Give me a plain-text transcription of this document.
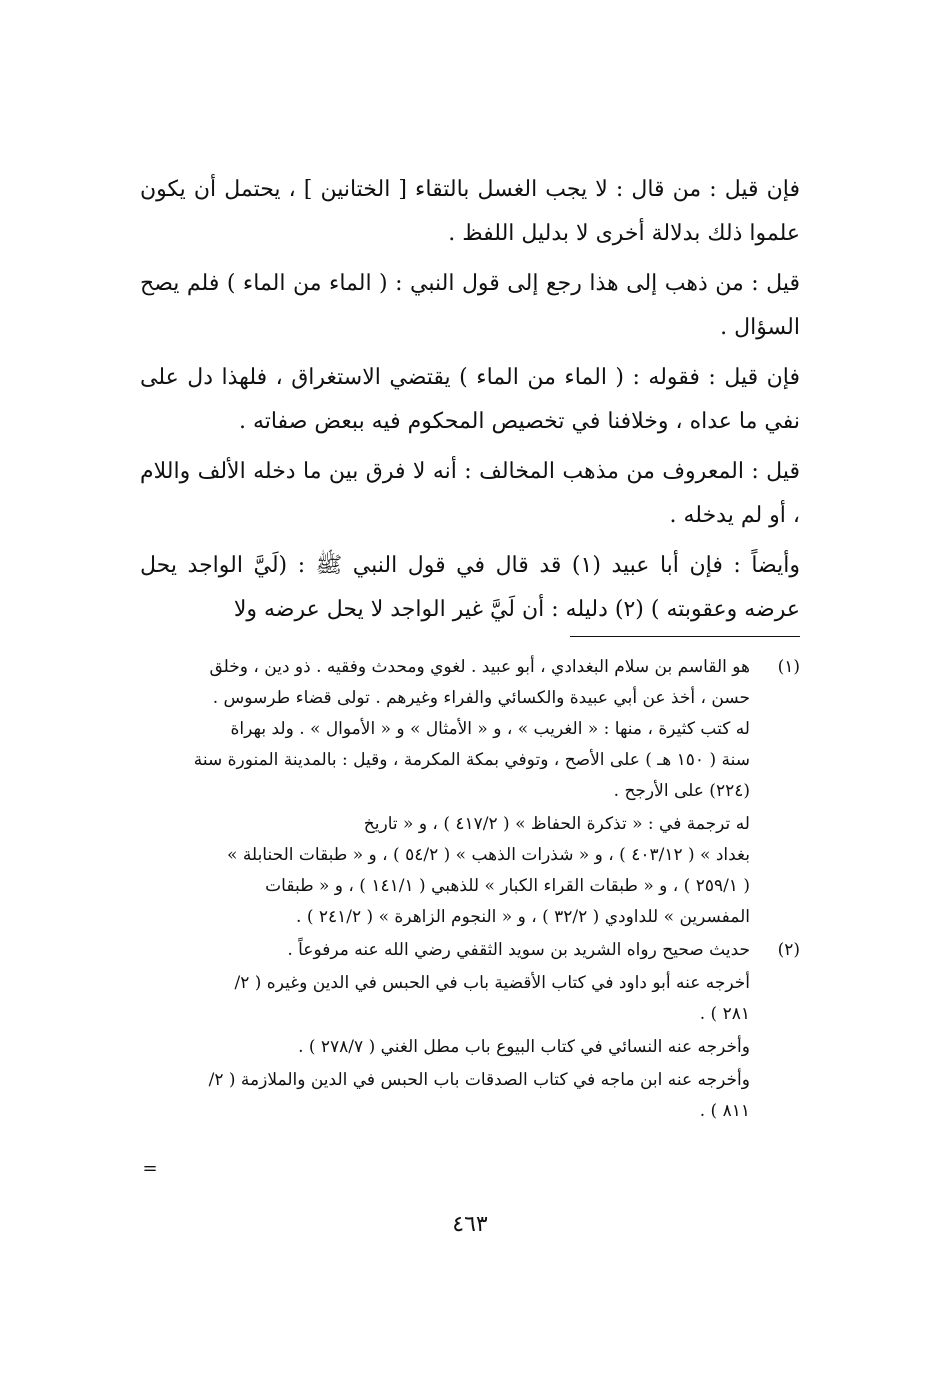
فإن قيل : من قال : لا يجب الغسل بالتقاء [ الختانين ] ، يحتمل أن يكون علموا ذلك بدلالة أخرى لا بدليل اللفظ .

قيل : من ذهب إلى هذا رجع إلى قول النبي : ( الماء من الماء ) فلم يصح السؤال .

فإن قيل : فقوله : ( الماء من الماء ) يقتضي الاستغراق ، فلهذا دل على نفي ما عداه ، وخلافنا في تخصيص المحكوم فيه ببعض صفاته .

قيل : المعروف من مذهب المخالف : أنه لا فرق بين ما دخله الألف واللام ، أو لم يدخله .

وأيضاً : فإن أبا عبيد (١) قد قال في قول النبي ﷺ : (لَيَّ الواجد يحل عرضه وعقوبته ) (٢) دليله : أن لَيَّ غير الواجد لا يحل عرضه ولا

(١)
هو القاسم بن سلام البغدادي ، أبو عبيد . لغوي ومحدث وفقيه . ذو دين ، وخلق
حسن ، أخذ عن أبي عبيدة والكسائي والفراء وغيرهم . تولى قضاء طرسوس .
له كتب كثيرة ، منها : « الغريب » ، و « الأمثال » و « الأموال » . ولد بهراة
سنة ( ١٥٠ هـ ) على الأصح ، وتوفي بمكة المكرمة ، وقيل : بالمدينة المنورة سنة
(٢٢٤) على الأرجح .
له ترجمة في : « تذكرة الحفاظ » ( ٤١٧/٢ ) ، و « تاريخ
بغداد » ( ٤٠٣/١٢ ) ، و « شذرات الذهب » ( ٥٤/٢ ) ، و « طبقات الحنابلة »
( ٢٥٩/١ ) ، و « طبقات القراء الكبار » للذهبي ( ١٤١/١ ) ، و « طبقات
المفسرين » للداودي ( ٣٢/٢ ) ، و « النجوم الزاهرة » ( ٢٤١/٢ ) .
(٢)
حديث صحيح رواه الشريد بن سويد الثقفي رضي الله عنه مرفوعاً .
أخرجه عنه أبو داود في كتاب الأقضية باب في الحبس في الدين وغيره ( ٢/
٢٨١ ) .
وأخرجه عنه النسائي في كتاب البيوع باب مطل الغني ( ٢٧٨/٧ ) .
وأخرجه عنه ابن ماجه في كتاب الصدقات باب الحبس في الدين والملازمة ( ٢/
٨١١ ) .
=
٤٦٣
